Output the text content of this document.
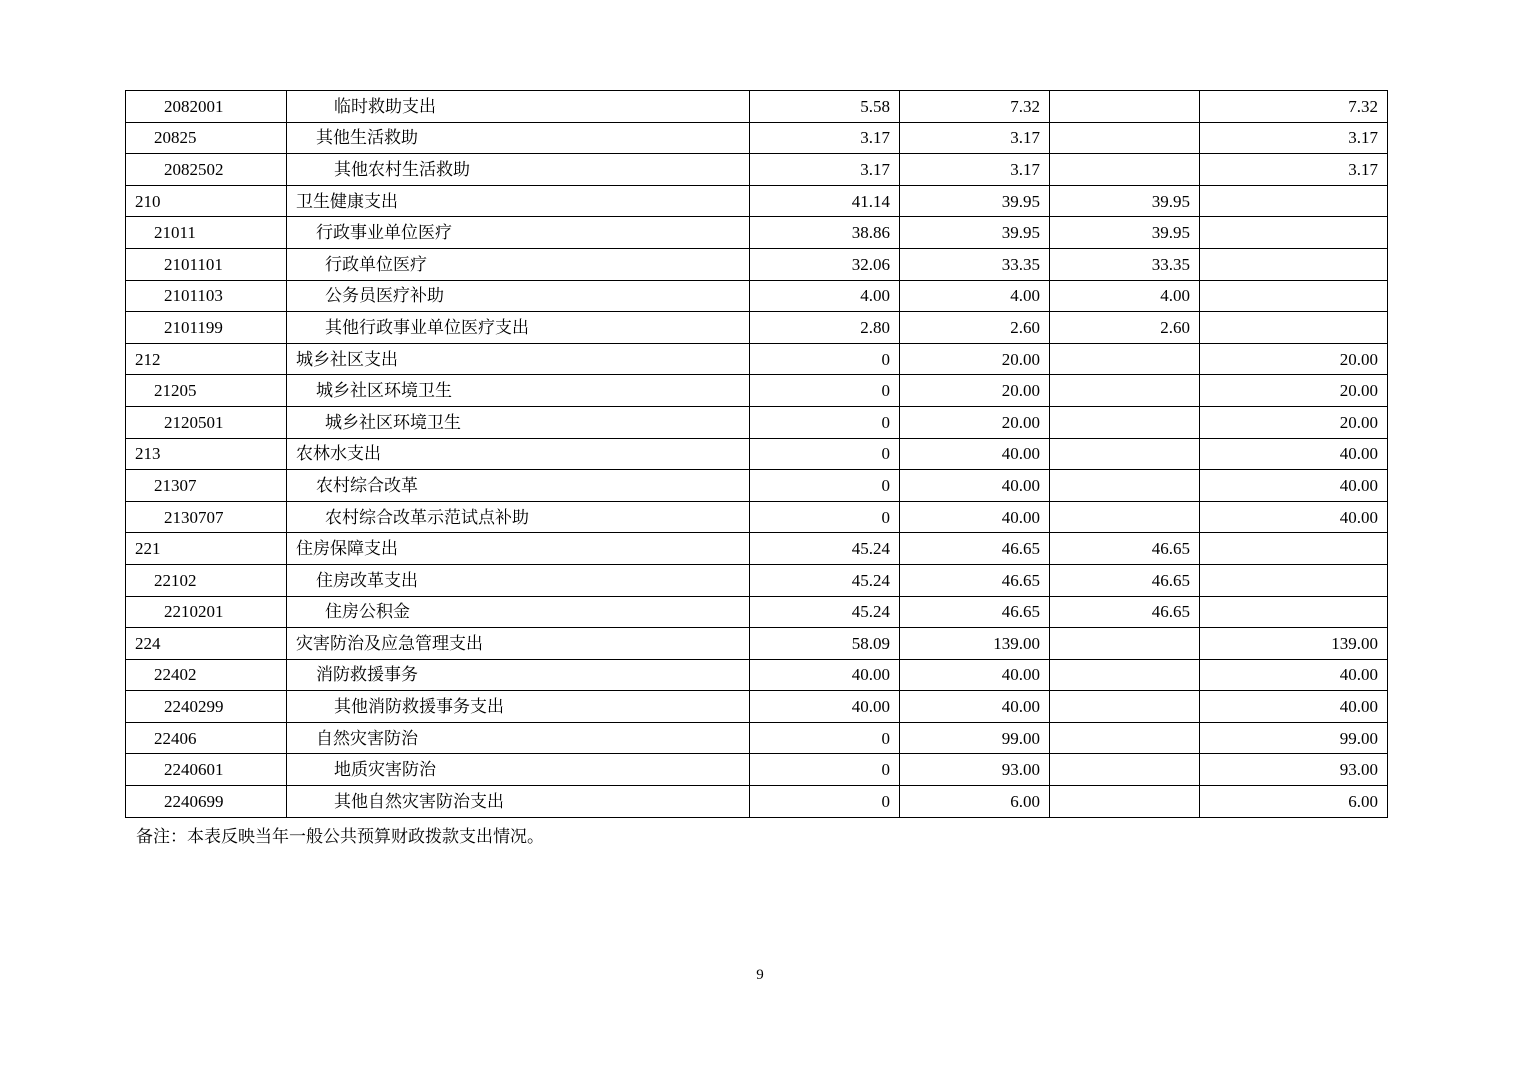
2082001	临时救助支出	5.58	7.32		7.32
20825	其他生活救助	3.17	3.17		3.17
2082502	其他农村生活救助	3.17	3.17		3.17
210	卫生健康支出	41.14	39.95	39.95	
21011	行政事业单位医疗	38.86	39.95	39.95	
2101101	行政单位医疗	32.06	33.35	33.35	
2101103	公务员医疗补助	4.00	4.00	4.00	
2101199	其他行政事业单位医疗支出	2.80	2.60	2.60	
212	城乡社区支出	0	20.00		20.00
21205	城乡社区环境卫生	0	20.00		20.00
2120501	城乡社区环境卫生	0	20.00		20.00
213	农林水支出	0	40.00		40.00
21307	农村综合改革	0	40.00		40.00
2130707	农村综合改革示范试点补助	0	40.00		40.00
221	住房保障支出	45.24	46.65	46.65	
22102	住房改革支出	45.24	46.65	46.65	
2210201	住房公积金	45.24	46.65	46.65	
224	灾害防治及应急管理支出	58.09	139.00		139.00
22402	消防救援事务	40.00	40.00		40.00
2240299	其他消防救援事务支出	40.00	40.00		40.00
22406	自然灾害防治	0	99.00		99.00
2240601	地质灾害防治	0	93.00		93.00
2240699	其他自然灾害防治支出	0	6.00		6.00
备注：本表反映当年一般公共预算财政拨款支出情况。
9
